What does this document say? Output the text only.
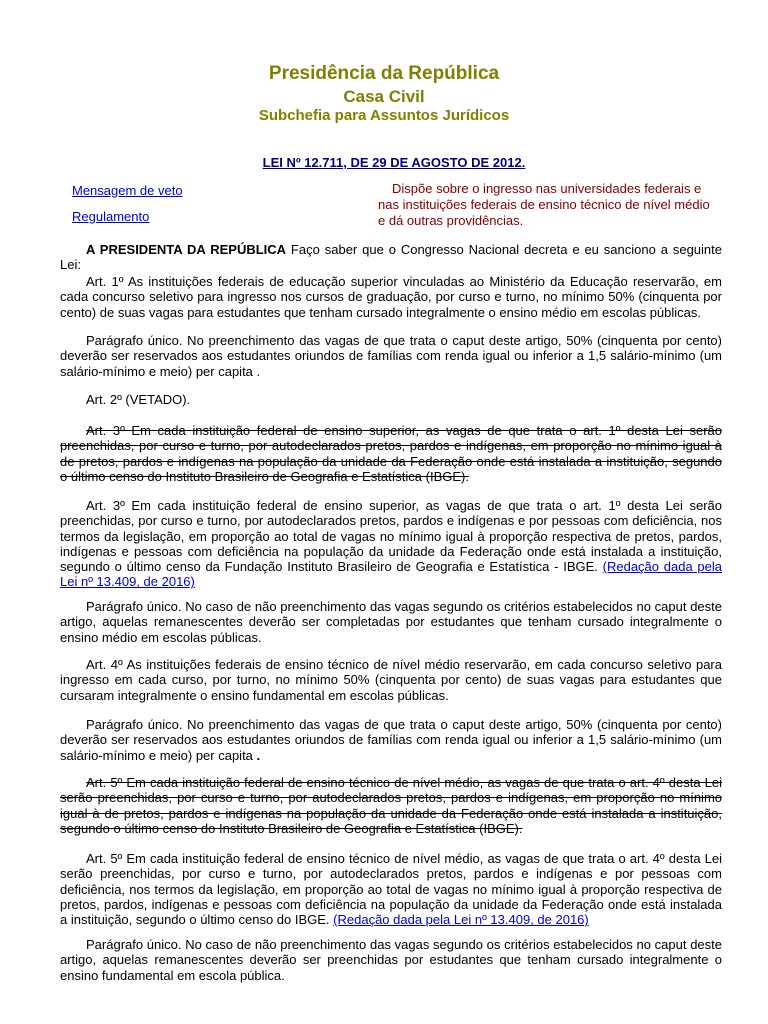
Presidência da República
Casa Civil
Subchefia para Assuntos Jurídicos
LEI Nº 12.711, DE 29 DE AGOSTO DE 2012.
Mensagem de veto
Regulamento
Dispõe sobre o ingresso nas universidades federais e nas instituições federais de ensino técnico de nível médio e dá outras providências.
A PRESIDENTA DA REPÚBLICA Faço saber que o Congresso Nacional decreta e eu sanciono a seguinte Lei:
Art. 1º As instituições federais de educação superior vinculadas ao Ministério da Educação reservarão, em cada concurso seletivo para ingresso nos cursos de graduação, por curso e turno, no mínimo 50% (cinquenta por cento) de suas vagas para estudantes que tenham cursado integralmente o ensino médio em escolas públicas.
Parágrafo único. No preenchimento das vagas de que trata o caput deste artigo, 50% (cinquenta por cento) deverão ser reservados aos estudantes oriundos de famílias com renda igual ou inferior a 1,5 salário-mínimo (um salário-mínimo e meio) per capita .
Art. 2º (VETADO).
Art. 3º Em cada instituição federal de ensino superior, as vagas de que trata o art. 1º desta Lei serão preenchidas, por curso e turno, por autodeclarados pretos, pardos e indígenas, em proporção no mínimo igual à de pretos, pardos e indígenas na população da unidade da Federação onde está instalada a instituição, segundo o último censo do Instituto Brasileiro de Geografia e Estatística (IBGE).
Art. 3º Em cada instituição federal de ensino superior, as vagas de que trata o art. 1º desta Lei serão preenchidas, por curso e turno, por autodeclarados pretos, pardos e indígenas e por pessoas com deficiência, nos termos da legislação, em proporção ao total de vagas no mínimo igual à proporção respectiva de pretos, pardos, indígenas e pessoas com deficiência na população da unidade da Federação onde está instalada a instituição, segundo o último censo da Fundação Instituto Brasileiro de Geografia e Estatística - IBGE. (Redação dada pela Lei nº 13.409, de 2016)
Parágrafo único. No caso de não preenchimento das vagas segundo os critérios estabelecidos no caput deste artigo, aquelas remanescentes deverão ser completadas por estudantes que tenham cursado integralmente o ensino médio em escolas públicas.
Art. 4º As instituições federais de ensino técnico de nível médio reservarão, em cada concurso seletivo para ingresso em cada curso, por turno, no mínimo 50% (cinquenta por cento) de suas vagas para estudantes que cursaram integralmente o ensino fundamental em escolas públicas.
Parágrafo único. No preenchimento das vagas de que trata o caput deste artigo, 50% (cinquenta por cento) deverão ser reservados aos estudantes oriundos de famílias com renda igual ou inferior a 1,5 salário-mínimo (um salário-mínimo e meio) per capita .
Art. 5º Em cada instituição federal de ensino técnico de nível médio, as vagas de que trata o art. 4º desta Lei serão preenchidas, por curso e turno, por autodeclarados pretos, pardos e indígenas, em proporção no mínimo igual à de pretos, pardos e indígenas na população da unidade da Federação onde está instalada a instituição, segundo o último censo do Instituto Brasileiro de Geografia e Estatística (IBGE).
Art. 5º Em cada instituição federal de ensino técnico de nível médio, as vagas de que trata o art. 4º desta Lei serão preenchidas, por curso e turno, por autodeclarados pretos, pardos e indígenas e por pessoas com deficiência, nos termos da legislação, em proporção ao total de vagas no mínimo igual à proporção respectiva de pretos, pardos, indígenas e pessoas com deficiência na população da unidade da Federação onde está instalada a instituição, segundo o último censo do IBGE. (Redação dada pela Lei nº 13.409, de 2016)
Parágrafo único. No caso de não preenchimento das vagas segundo os critérios estabelecidos no caput deste artigo, aquelas remanescentes deverão ser preenchidas por estudantes que tenham cursado integralmente o ensino fundamental em escola pública.
